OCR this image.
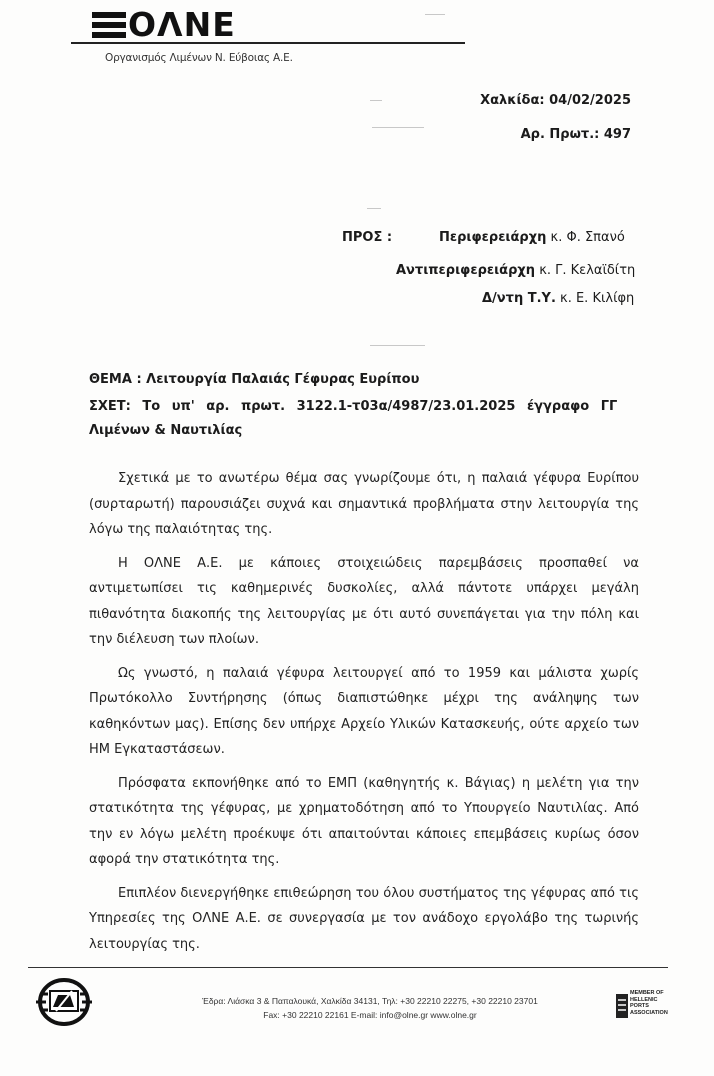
ΟΛΝΕ
Οργανισμός Λιμένων Ν. Εύβοιας Α.Ε.
Χαλκίδα: 04/02/2025
Αρ. Πρωτ.: 497
ΠΡΟΣ :	Περιφερειάρχη κ. Φ. Σπανό
Αντιπεριφερειάρχη κ. Γ. Κελαϊδίτη
Δ/ντη Τ.Υ. κ. Ε. Κιλίφη
ΘΕΜΑ : Λειτουργία Παλαιάς Γέφυρας Ευρίπου
ΣΧΕΤ: Το υπ' αρ. πρωτ. 3122.1-τ03α/4987/23.01.2025 έγγραφο ΓΓ
Λιμένων & Ναυτιλίας

Σχετικά με το ανωτέρω θέμα σας γνωρίζουμε ότι, η παλαιά γέφυρα Ευρίπου (συρταρωτή) παρουσιάζει συχνά και σημαντικά προβλήματα στην λειτουργία της λόγω της παλαιότητας της.

Η ΟΛΝΕ Α.Ε. με κάποιες στοιχειώδεις παρεμβάσεις προσπαθεί να αντιμετωπίσει τις καθημερινές δυσκολίες, αλλά πάντοτε υπάρχει μεγάλη πιθανότητα διακοπής της λειτουργίας με ότι αυτό συνεπάγεται για την πόλη και την διέλευση των πλοίων.

Ως γνωστό, η παλαιά γέφυρα λειτουργεί από το 1959 και μάλιστα χωρίς Πρωτόκολλο Συντήρησης (όπως διαπιστώθηκε μέχρι της ανάληψης των καθηκόντων μας). Επίσης δεν υπήρχε Αρχείο Υλικών Κατασκευής, ούτε αρχείο των ΗΜ Εγκαταστάσεων.

Πρόσφατα εκπονήθηκε από το ΕΜΠ (καθηγητής κ. Βάγιας) η μελέτη για την στατικότητα της γέφυρας, με χρηματοδότηση από το Υπουργείο Ναυτιλίας. Από την εν λόγω μελέτη προέκυψε ότι απαιτούνται κάποιες επεμβάσεις κυρίως όσον αφορά την στατικότητα της.

Επιπλέον διενεργήθηκε επιθεώρηση του όλου συστήματος της γέφυρας από τις Υπηρεσίες της ΟΛΝΕ Α.Ε. σε συνεργασία με τον ανάδοχο εργολάβο της τωρινής λειτουργίας της.

Έδρα: Λιάσκα 3 & Παπαλουκά, Χαλκίδα 34131, Τηλ: +30 22210 22275, +30 22210 23701
Fax: +30 22210 22161 E-mail: info@olne.gr www.olne.gr
MEMBER OF
HELLENIC
PORTS
ASSOCIATION
